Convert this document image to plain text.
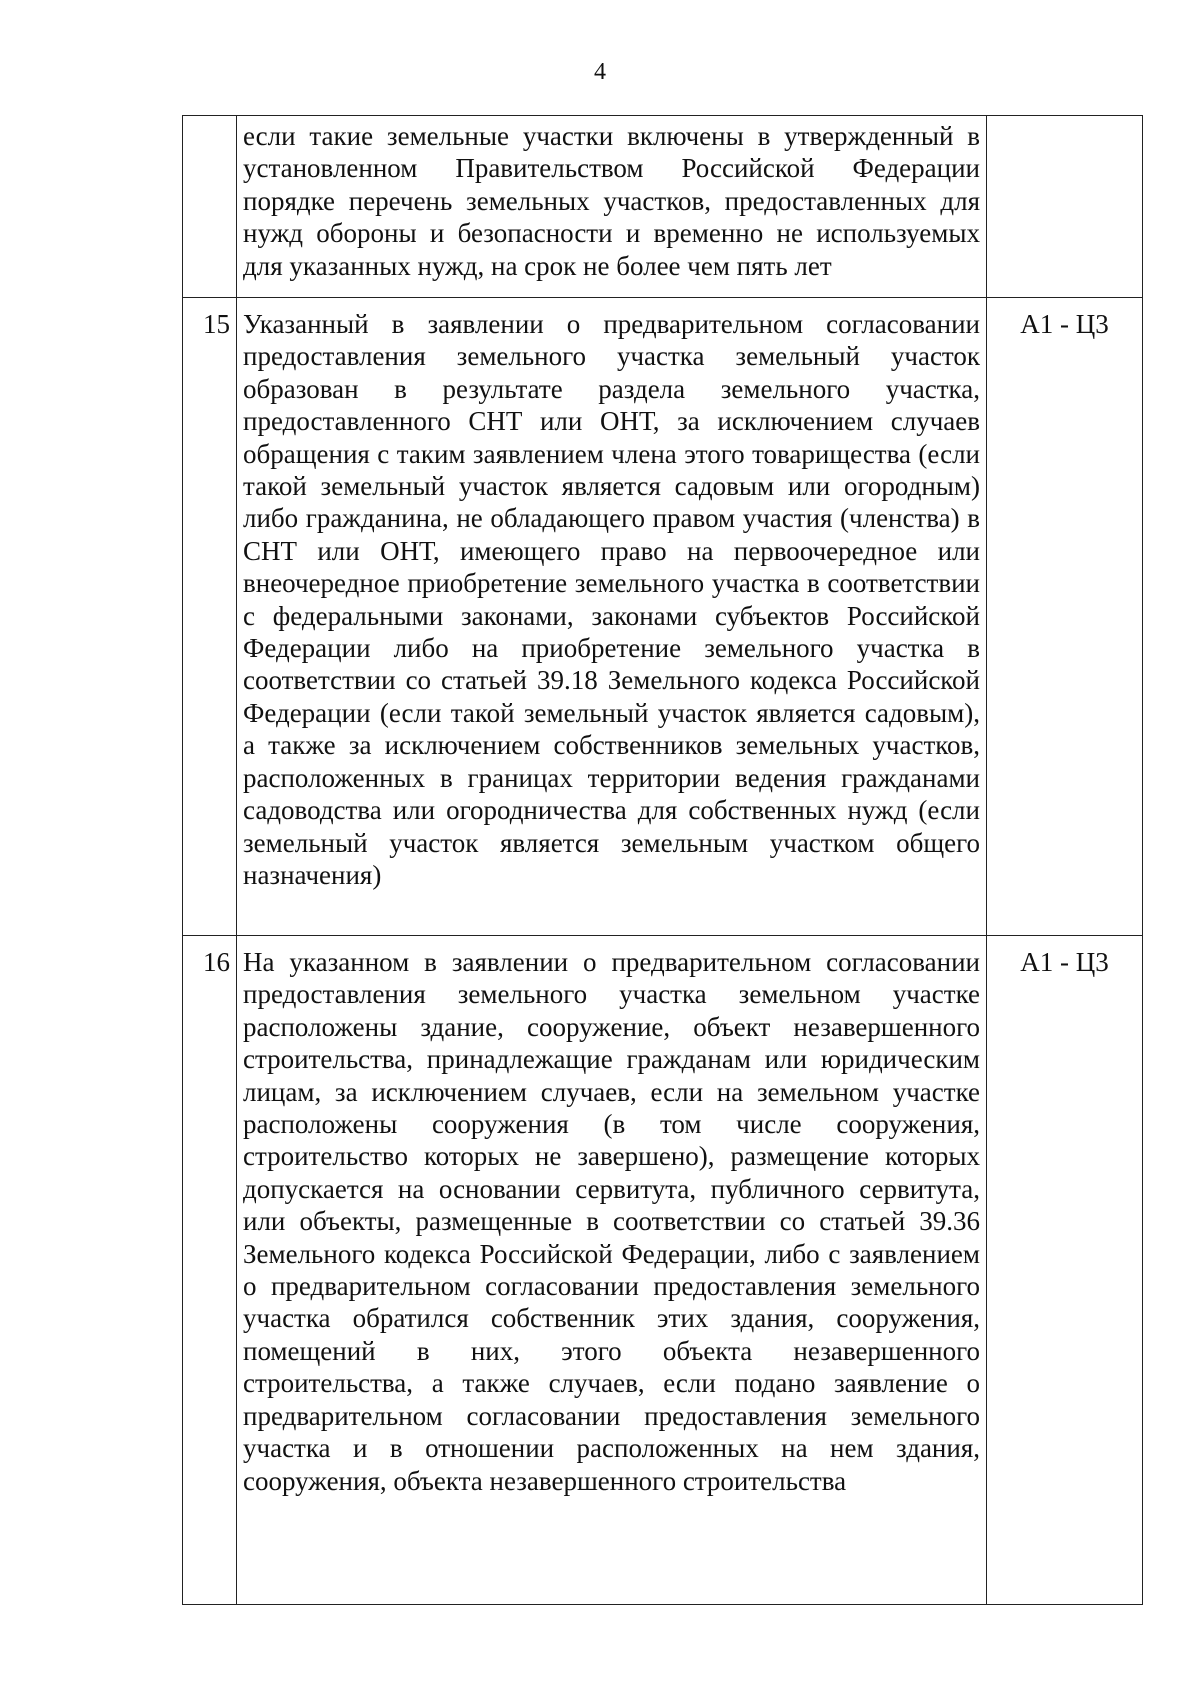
4
	если такие земельные участки включены в утвержденный в установленном Правительством Российской Федерации порядке перечень земельных участков, предоставленных для нужд обороны и безопасности и временно не используемых для указанных нужд, на срок не более чем пять лет	
15	Указанный в заявлении о предварительном согласовании предоставления земельного участка земельный участок образован в результате раздела земельного участка, предоставленного СНТ или ОНТ, за исключением случаев обращения с таким заявлением члена этого товарищества (если такой земельный участок является садовым или огородным) либо гражданина, не обладающего правом участия (членства) в СНТ или ОНТ, имеющего право на первоочередное или внеочередное приобретение земельного участка в соответствии с федеральными законами, законами субъектов Российской Федерации либо на приобретение земельного участка в соответствии со статьей 39.18 Земельного кодекса Российской Федерации (если такой земельный участок является садовым), а также за исключением собственников земельных участков, расположенных в границах территории ведения гражданами садоводства или огородничества для собственных нужд (если земельный участок является земельным участком общего назначения)	А1 - Ц3
16	На указанном в заявлении о предварительном согласовании предоставления земельного участка земельном участке расположены здание, сооружение, объект незавершенного строительства, принадлежащие гражданам или юридическим лицам, за исключением случаев, если на земельном участке расположены сооружения (в том числе сооружения, строительство которых не завершено), размещение которых допускается на основании сервитута, публичного сервитута, или объекты, размещенные в соответствии со статьей 39.36 Земельного кодекса Российской Федерации, либо с заявлением о предварительном согласовании предоставления земельного участка обратился собственник этих здания, сооружения, помещений в них, этого объекта незавершенного строительства, а также случаев, если подано заявление о предварительном согласовании предоставления земельного участка и в отношении расположенных на нем здания, сооружения, объекта незавершенного строительства	А1 - Ц3
